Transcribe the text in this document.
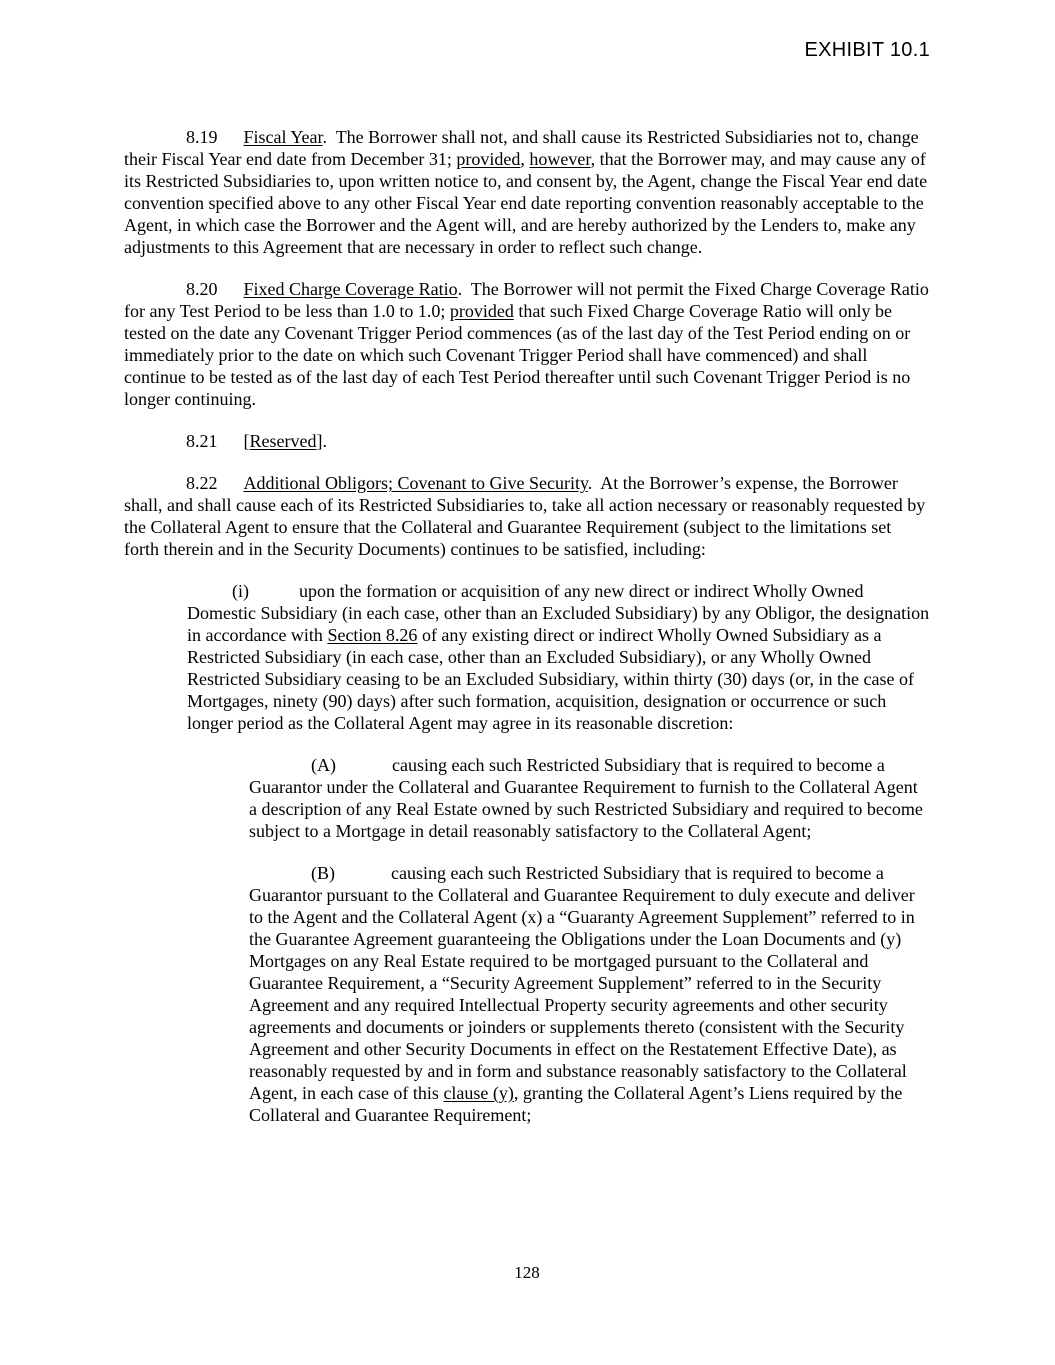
EXHIBIT 10.1

8.19 Fiscal Year.  The Borrower shall not, and shall cause its Restricted Subsidiaries not to, change their Fiscal Year end date from December 31; provided, however, that the Borrower may, and may cause any of its Restricted Subsidiaries to, upon written notice to, and consent by, the Agent, change the Fiscal Year end date convention specified above to any other Fiscal Year end date reporting convention reasonably acceptable to the Agent, in which case the Borrower and the Agent will, and are hereby authorized by the Lenders to, make any adjustments to this Agreement that are necessary in order to reflect such change.

8.20 Fixed Charge Coverage Ratio.  The Borrower will not permit the Fixed Charge Coverage Ratio for any Test Period to be less than 1.0 to 1.0; provided that such Fixed Charge Coverage Ratio will only be tested on the date any Covenant Trigger Period commences (as of the last day of the Test Period ending on or immediately prior to the date on which such Covenant Trigger Period shall have commenced) and shall continue to be tested as of the last day of each Test Period thereafter until such Covenant Trigger Period is no longer continuing.

8.21 [Reserved].

8.22 Additional Obligors; Covenant to Give Security.  At the Borrower’s expense, the Borrower shall, and shall cause each of its Restricted Subsidiaries to, take all action necessary or reasonably requested by the Collateral Agent to ensure that the Collateral and Guarantee Requirement (subject to the limitations set forth therein and in the Security Documents) continues to be satisfied, including:

(i)	upon the formation or acquisition of any new direct or indirect Wholly Owned Domestic Subsidiary (in each case, other than an Excluded Subsidiary) by any Obligor, the designation in accordance with Section 8.26 of any existing direct or indirect Wholly Owned Subsidiary as a Restricted Subsidiary (in each case, other than an Excluded Subsidiary), or any Wholly Owned Restricted Subsidiary ceasing to be an Excluded Subsidiary, within thirty (30) days (or, in the case of Mortgages, ninety (90) days) after such formation, acquisition, designation or occurrence or such longer period as the Collateral Agent may agree in its reasonable discretion:

(A)	causing each such Restricted Subsidiary that is required to become a Guarantor under the Collateral and Guarantee Requirement to furnish to the Collateral Agent a description of any Real Estate owned by such Restricted Subsidiary and required to become subject to a Mortgage in detail reasonably satisfactory to the Collateral Agent;

(B)	causing each such Restricted Subsidiary that is required to become a Guarantor pursuant to the Collateral and Guarantee Requirement to duly execute and deliver to the Agent and the Collateral Agent (x) a “Guaranty Agreement Supplement” referred to in the Guarantee Agreement guaranteeing the Obligations under the Loan Documents and (y) Mortgages on any Real Estate required to be mortgaged pursuant to the Collateral and Guarantee Requirement, a “Security Agreement Supplement” referred to in the Security Agreement and any required Intellectual Property security agreements and other security agreements and documents or joinders or supplements thereto (consistent with the Security Agreement and other Security Documents in effect on the Restatement Effective Date), as reasonably requested by and in form and substance reasonably satisfactory to the Collateral Agent, in each case of this clause (y), granting the Collateral Agent’s Liens required by the Collateral and Guarantee Requirement;

128
